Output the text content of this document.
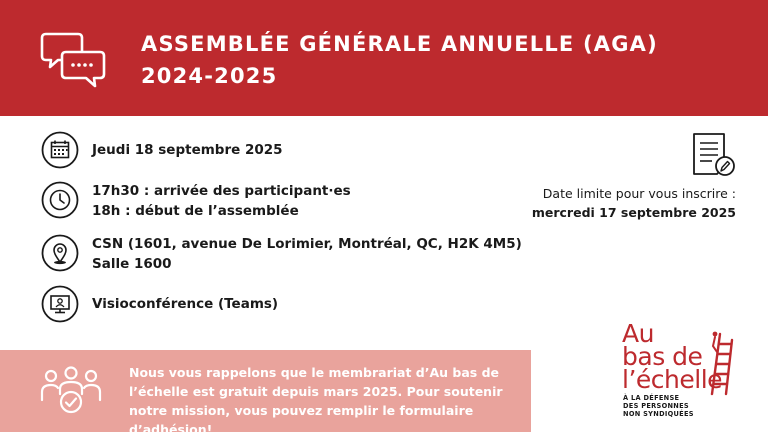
ASSEMBLÉE GÉNÉRALE ANNUELLE (AGA)
2024-2025
Jeudi 18 septembre 2025
17h30 : arrivée des participant·es
18h : début de l’assemblée
CSN (1601, avenue De Lorimier, Montréal, QC, H2K 4M5)
Salle 1600
Visioconférence (Teams)
Date limite pour vous inscrire :
mercredi 17 septembre 2025
Nous vous rappelons que le membrariat d’Au bas de l’échelle est gratuit depuis mars 2025. Pour soutenir notre mission, vous pouvez remplir le formulaire d’adhésion!
Au
bas de
l’échelle
À LA DÉFENSE
DES PERSONNES
NON SYNDIQUÉES
